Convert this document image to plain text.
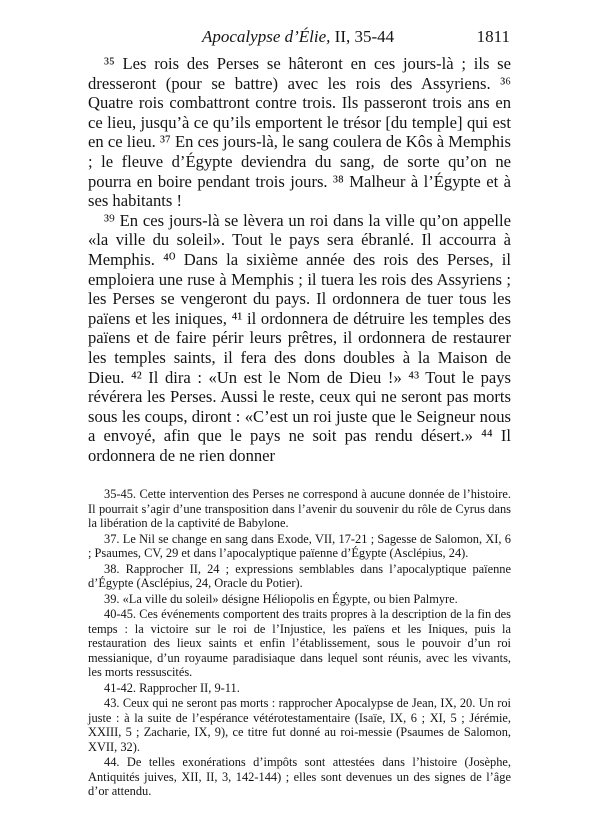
Apocalypse d’Élie, II, 35-44	1811

³⁵ Les rois des Perses se hâteront en ces jours-là ; ils se dresseront (pour se battre) avec les rois des Assyriens. ³⁶ Quatre rois combattront contre trois. Ils passeront trois ans en ce lieu, jusqu’à ce qu’ils emportent le trésor [du temple] qui est en ce lieu. ³⁷ En ces jours-là, le sang coulera de Kôs à Memphis ; le fleuve d’Égypte deviendra du sang, de sorte qu’on ne pourra en boire pendant trois jours. ³⁸ Malheur à l’Égypte et à ses habitants !

³⁹ En ces jours-là se lèvera un roi dans la ville qu’on appelle «la ville du soleil». Tout le pays sera ébranlé. Il accourra à Memphis. ⁴⁰ Dans la sixième année des rois des Perses, il emploiera une ruse à Memphis ; il tuera les rois des Assyriens ; les Perses se vengeront du pays. Il ordonnera de tuer tous les païens et les iniques, ⁴¹ il ordonnera de détruire les temples des païens et de faire périr leurs prêtres, il ordonnera de restaurer les temples saints, il fera des dons doubles à la Maison de Dieu. ⁴² Il dira : «Un est le Nom de Dieu !» ⁴³ Tout le pays révérera les Perses. Aussi le reste, ceux qui ne seront pas morts sous les coups, diront : «C’est un roi juste que le Seigneur nous a envoyé, afin que le pays ne soit pas rendu désert.» ⁴⁴ Il ordonnera de ne rien donner

35-45. Cette intervention des Perses ne correspond à aucune donnée de l’histoire. Il pourrait s’agir d’une transposition dans l’avenir du souvenir du rôle de Cyrus dans la libération de la captivité de Babylone.

37. Le Nil se change en sang dans Exode, VII, 17-21 ; Sagesse de Salomon, XI, 6 ; Psaumes, CV, 29 et dans l’apocalyptique païenne d’Égypte (Asclépius, 24).

38. Rapprocher II, 24 ; expressions semblables dans l’apocalyptique païenne d’Égypte (Asclépius, 24, Oracle du Potier).

39. «La ville du soleil» désigne Héliopolis en Égypte, ou bien Palmyre.

40-45. Ces événements comportent des traits propres à la description de la fin des temps : la victoire sur le roi de l’Injustice, les païens et les Iniques, puis la restauration des lieux saints et enfin l’établissement, sous le pouvoir d’un roi messianique, d’un royaume paradisiaque dans lequel sont réunis, avec les vivants, les morts ressuscités.

41-42. Rapprocher II, 9-11.

43. Ceux qui ne seront pas morts : rapprocher Apocalypse de Jean, IX, 20. Un roi juste : à la suite de l’espérance vétérotestamentaire (Isaïe, IX, 6 ; XI, 5 ; Jérémie, XXIII, 5 ; Zacharie, IX, 9), ce titre fut donné au roi-messie (Psaumes de Salomon, XVII, 32).

44. De telles exonérations d’impôts sont attestées dans l’histoire (Josèphe, Antiquités juives, XII, II, 3, 142-144) ; elles sont devenues un des signes de l’âge d’or attendu.
